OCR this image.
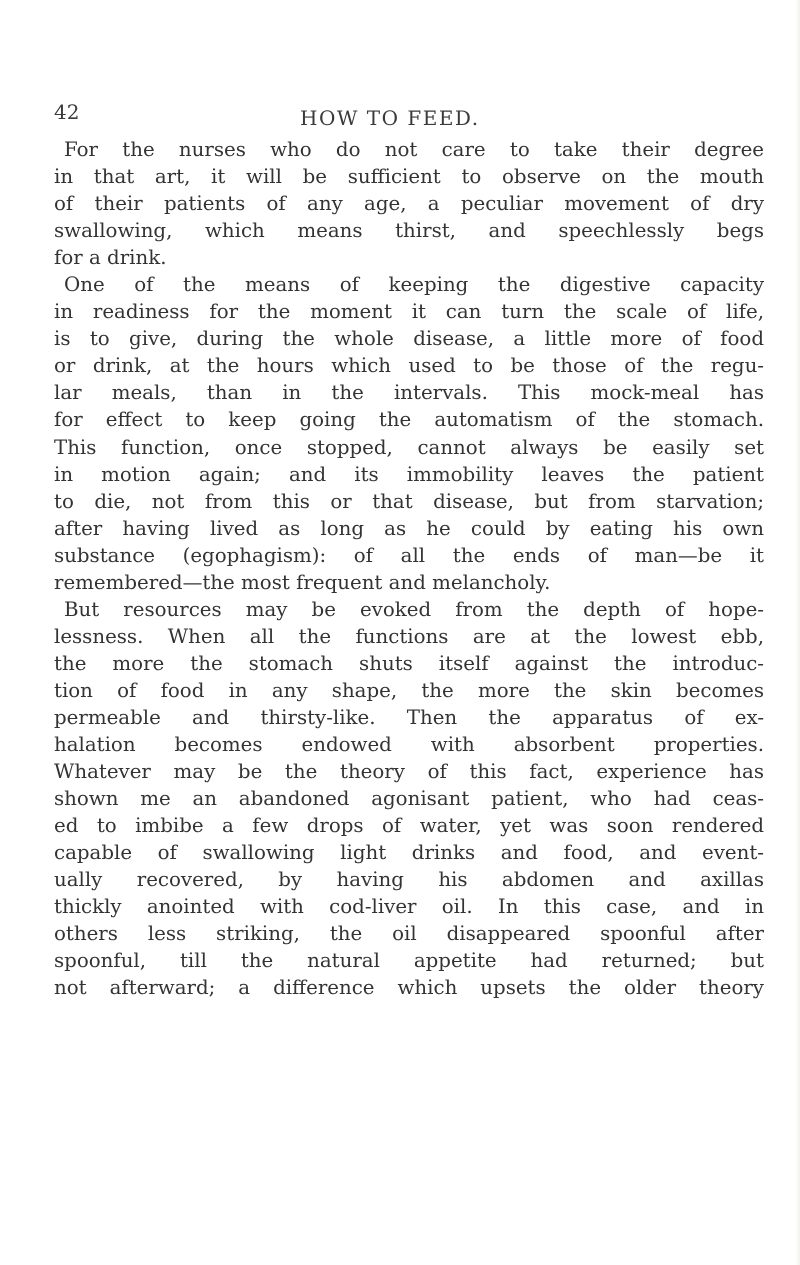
42	HOW TO FEED.
For the nurses who do not care to take their degree
in that art, it will be sufficient to observe on the mouth
of their patients of any age, a peculiar movement of dry
swallowing, which means thirst, and speechlessly begs
for a drink.
One of the means of keeping the digestive capacity
in readiness for the moment it can turn the scale of life,
is to give, during the whole disease, a little more of food
or drink, at the hours which used to be those of the regu-
lar meals, than in the intervals. This mock-meal has
for effect to keep going the automatism of the stomach.
This function, once stopped, cannot always be easily set
in motion again; and its immobility leaves the patient
to die, not from this or that disease, but from starvation;
after having lived as long as he could by eating his own
substance (egophagism): of all the ends of man—be it
remembered—the most frequent and melancholy.
But resources may be evoked from the depth of hope-
lessness. When all the functions are at the lowest ebb,
the more the stomach shuts itself against the introduc-
tion of food in any shape, the more the skin becomes
permeable and thirsty-like. Then the apparatus of ex-
halation becomes endowed with absorbent properties.
Whatever may be the theory of this fact, experience has
shown me an abandoned agonisant patient, who had ceas-
ed to imbibe a few drops of water, yet was soon rendered
capable of swallowing light drinks and food, and event-
ually recovered, by having his abdomen and axillas
thickly anointed with cod-liver oil. In this case, and in
others less striking, the oil disappeared spoonful after
spoonful, till the natural appetite had returned; but
not afterward; a difference which upsets the older theory
